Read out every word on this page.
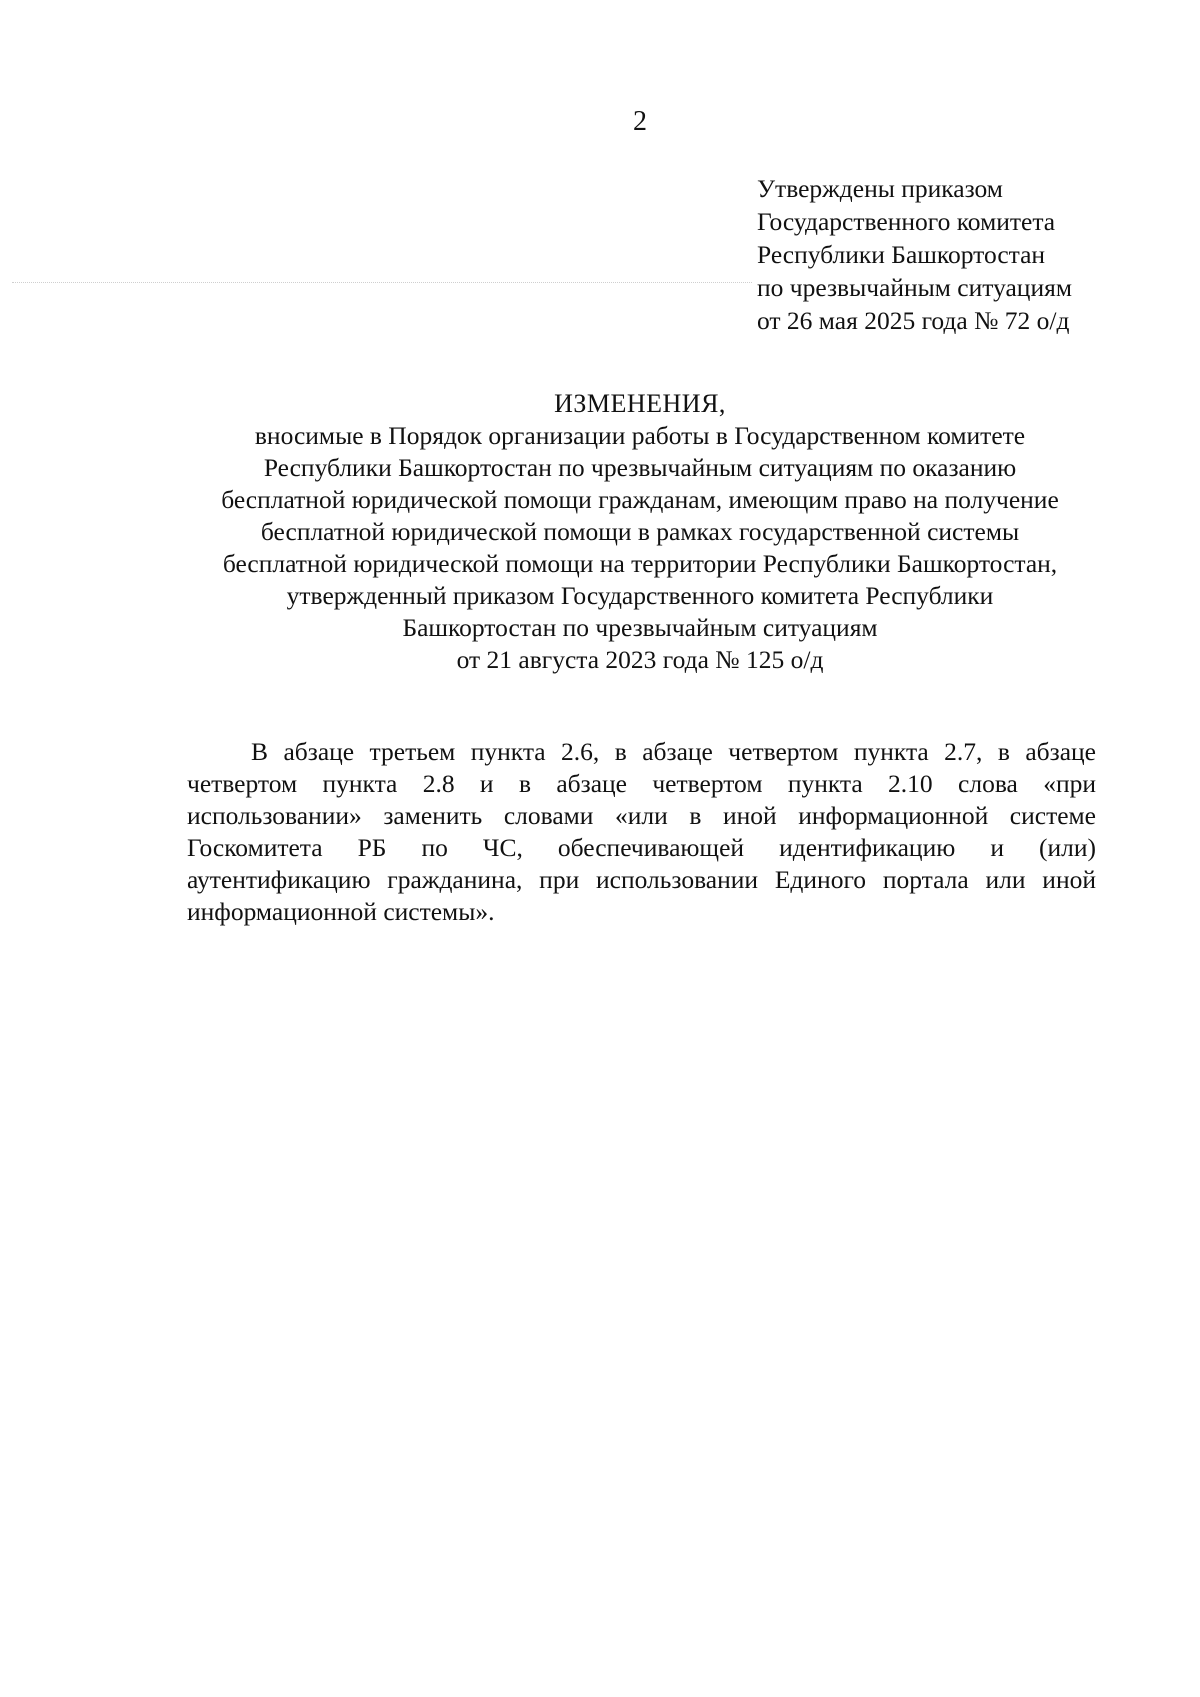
2
Утверждены приказом
Государственного комитета
Республики Башкортостан
по чрезвычайным ситуациям
от 26 мая 2025 года № 72 о/д
ИЗМЕНЕНИЯ,
вносимые в Порядок организации работы в Государственном комитете
Республики Башкортостан по чрезвычайным ситуациям по оказанию
бесплатной юридической помощи гражданам, имеющим право на получение
бесплатной юридической помощи в рамках государственной системы
бесплатной юридической помощи на территории Республики Башкортостан,
утвержденный приказом Государственного комитета Республики
Башкортостан по чрезвычайным ситуациям
от 21 августа 2023 года № 125 о/д
В абзаце третьем пункта 2.6, в абзаце четвертом пункта 2.7, в абзаце
четвертом пункта 2.8 и в абзаце четвертом пункта 2.10 слова «при
использовании» заменить словами «или в иной информационной системе
Госкомитета РБ по ЧС, обеспечивающей идентификацию и (или)
аутентификацию гражданина, при использовании Единого портала или иной
информационной системы».
